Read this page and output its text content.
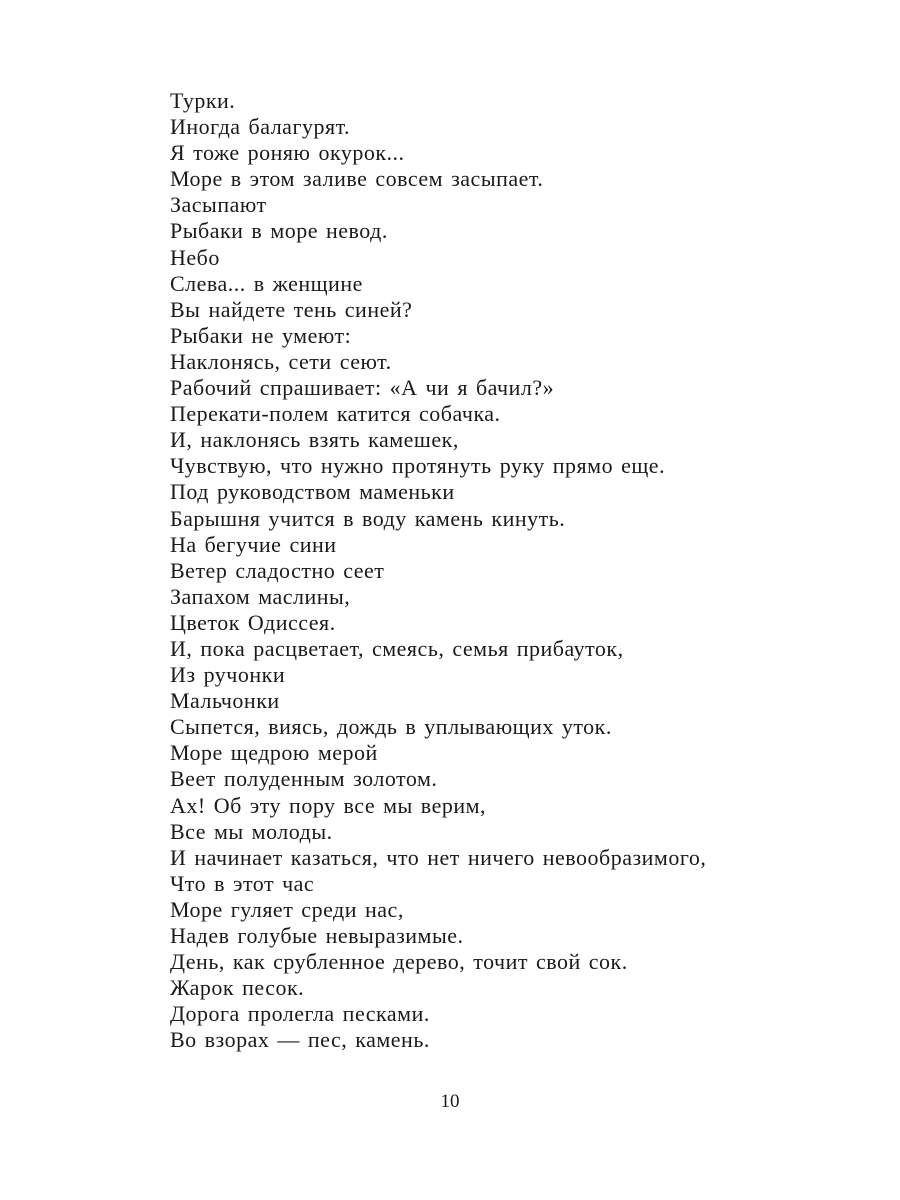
Турки.
Иногда балагурят.
Я тоже роняю окурок...
Море в этом заливе совсем засыпает.
Засыпают
Рыбаки в море невод.
Небо
Слева... в женщине
Вы найдете тень синей?
Рыбаки не умеют:
Наклонясь, сети сеют.
Рабочий спрашивает: «А чи я бачил?»
Перекати-полем катится собачка.
И, наклонясь взять камешек,
Чувствую, что нужно протянуть руку прямо еще.
Под руководством маменьки
Барышня учится в воду камень кинуть.
На бегучие сини
Ветер сладостно сеет
Запахом маслины,
Цветок Одиссея.
И, пока расцветает, смеясь, семья прибауток,
Из ручонки
Мальчонки
Сыпется, виясь, дождь в уплывающих уток.
Море щедрою мерой
Веет полуденным золотом.
Ах! Об эту пору все мы верим,
Все мы молоды.
И начинает казаться, что нет ничего невообразимого,
Что в этот час
Море гуляет среди нас,
Надев голубые невыразимые.
День, как срубленное дерево, точит свой сок.
Жарок песок.
Дорога пролегла песками.
Во взорах — пес, камень.
10
